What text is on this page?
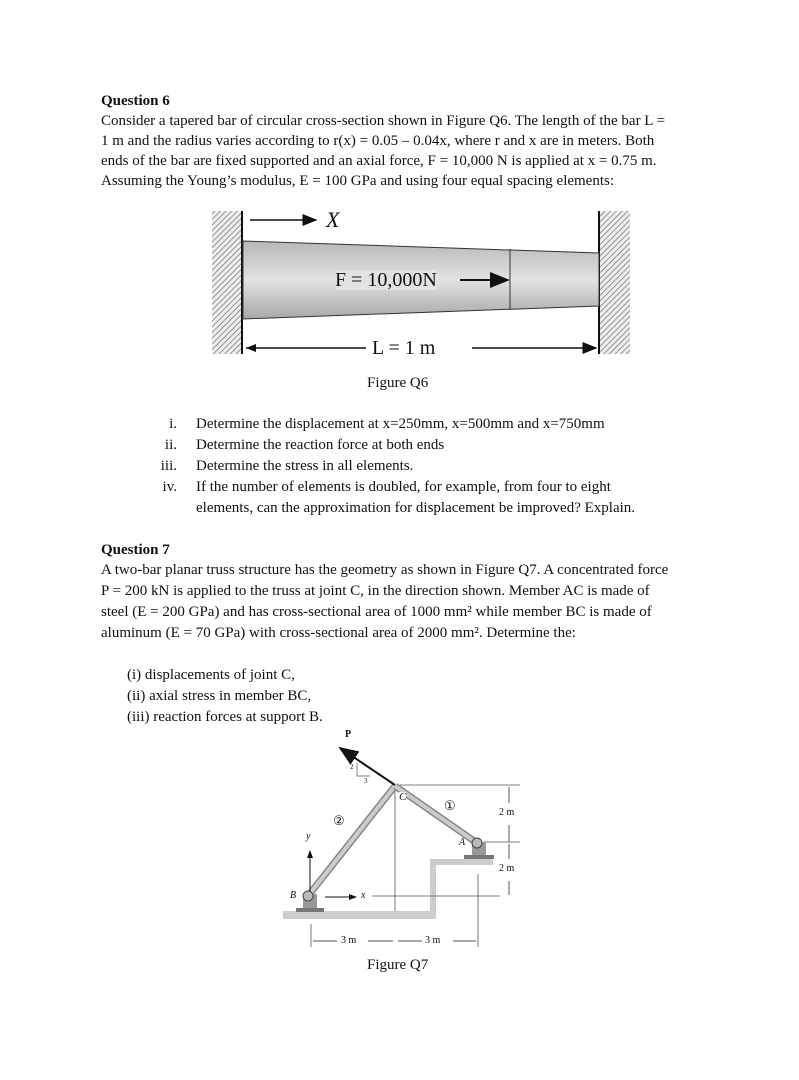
Question 6
Consider a tapered bar of circular cross-section shown in Figure Q6. The length of the bar L =
1 m and the radius varies according to r(x) = 0.05 – 0.04x, where r and x are in meters. Both
ends of the bar are fixed supported and an axial force, F = 10,000 N is applied at x = 0.75 m.
Assuming the Young’s modulus, E = 100 GPa and using four equal spacing elements:
X
F = 10,000N
L = 1 m
Figure Q6
i. Determine the displacement at x=250mm, x=500mm and x=750mm
ii. Determine the reaction force at both ends
iii. Determine the stress in all elements.
iv. If the number of elements is doubled, for example, from four to eight
elements, can the approximation for displacement be improved? Explain.
Question 7
A two-bar planar truss structure has the geometry as shown in Figure Q7. A concentrated force
P = 200 kN is applied to the truss at joint C, in the direction shown. Member AC is made of
steel (E = 200 GPa) and has cross-sectional area of 1000 mm² while member BC is made of
aluminum (E = 70 GPa) with cross-sectional area of 2000 mm². Determine the:
(i) displacements of joint C,
(ii) axial stress in member BC,
(iii) reaction forces at support B.
P
2
3
C
A
B
y
x
①
②
3 m	3 m
2 m
2 m
Figure Q7
